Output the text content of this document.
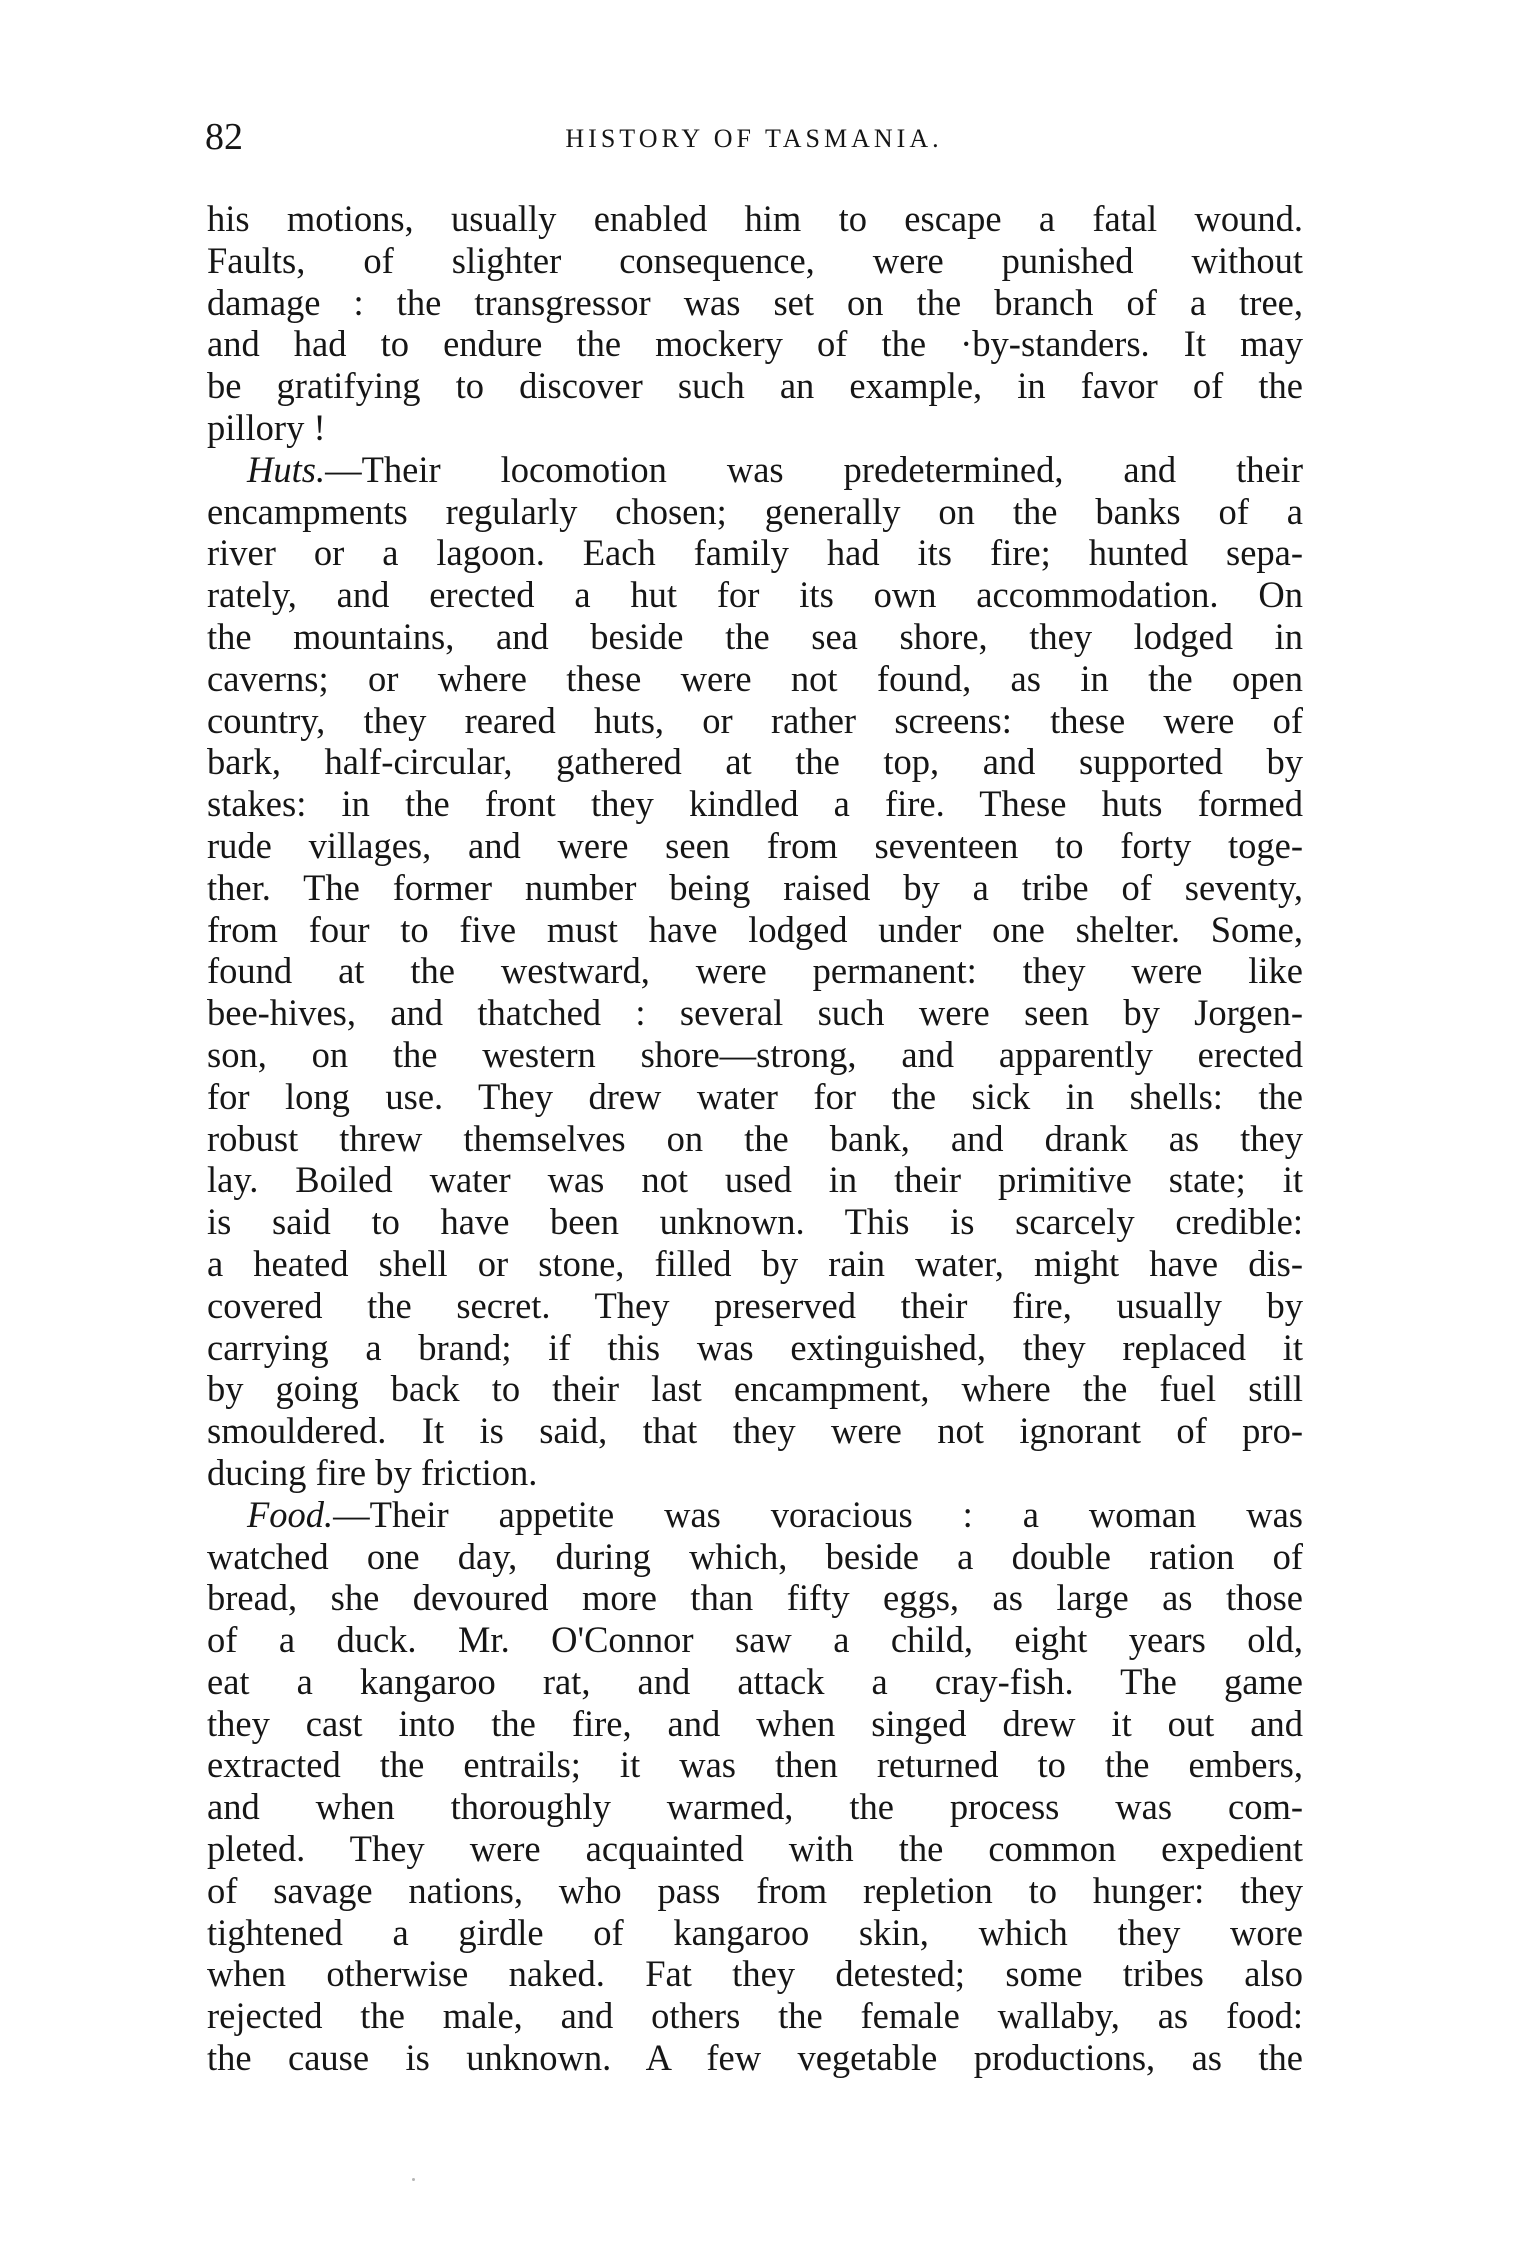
82	HISTORY OF TASMANIA.
his motions, usually enabled him to escape a fatal wound.
Faults, of slighter consequence, were punished without
damage : the transgressor was set on the branch of a tree,
and had to endure the mockery of the ·by-standers. It may
be gratifying to discover such an example, in favor of the
pillory !
Huts.—Their locomotion was predetermined, and their
encampments regularly chosen; generally on the banks of a
river or a lagoon. Each family had its fire; hunted sepa-
rately, and erected a hut for its own accommodation. On
the mountains, and beside the sea shore, they lodged in
caverns; or where these were not found, as in the open
country, they reared huts, or rather screens: these were of
bark, half-circular, gathered at the top, and supported by
stakes: in the front they kindled a fire. These huts formed
rude villages, and were seen from seventeen to forty toge-
ther. The former number being raised by a tribe of seventy,
from four to five must have lodged under one shelter. Some,
found at the westward, were permanent: they were like
bee-hives, and thatched : several such were seen by Jorgen-
son, on the western shore—strong, and apparently erected
for long use. They drew water for the sick in shells: the
robust threw themselves on the bank, and drank as they
lay. Boiled water was not used in their primitive state; it
is said to have been unknown. This is scarcely credible:
a heated shell or stone, filled by rain water, might have dis-
covered the secret. They preserved their fire, usually by
carrying a brand; if this was extinguished, they replaced it
by going back to their last encampment, where the fuel still
smouldered. It is said, that they were not ignorant of pro-
ducing fire by friction.
Food.—Their appetite was voracious : a woman was
watched one day, during which, beside a double ration of
bread, she devoured more than fifty eggs, as large as those
of a duck. Mr. O'Connor saw a child, eight years old,
eat a kangaroo rat, and attack a cray-fish. The game
they cast into the fire, and when singed drew it out and
extracted the entrails; it was then returned to the embers,
and when thoroughly warmed, the process was com-
pleted. They were acquainted with the common expedient
of savage nations, who pass from repletion to hunger: they
tightened a girdle of kangaroo skin, which they wore
when otherwise naked. Fat they detested; some tribes also
rejected the male, and others the female wallaby, as food:
the cause is unknown. A few vegetable productions, as the
